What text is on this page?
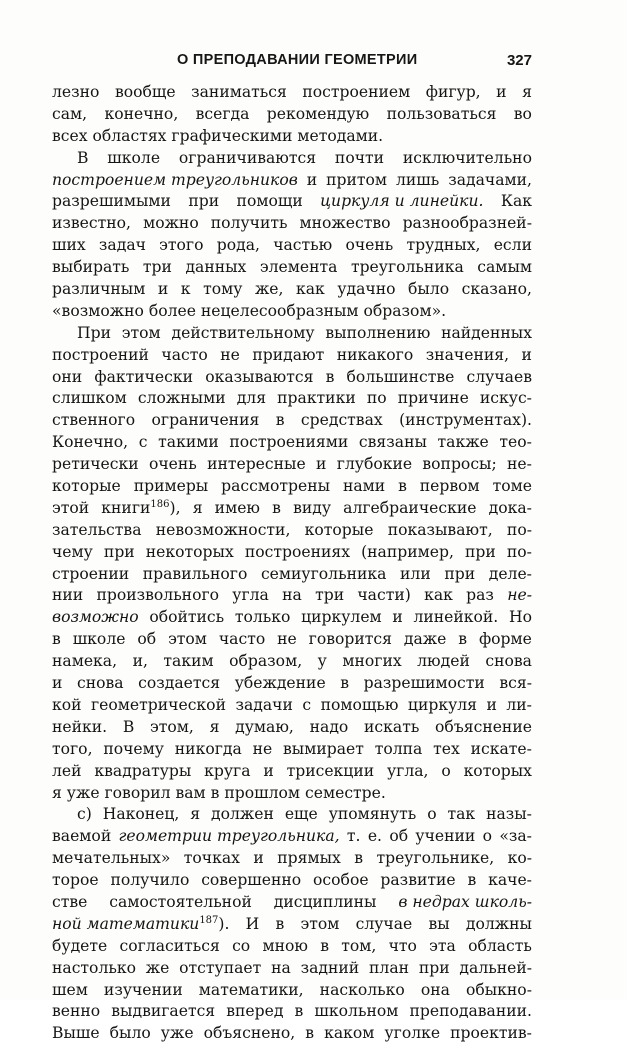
О ПРЕПОДАВАНИИ ГЕОМЕТРИИ	327
лезно вообще заниматься построением фигур, и я
сам, конечно, всегда рекомендую пользоваться во
всех областях графическими методами.
В школе ограничиваются почти исключительно
построением треугольников и притом лишь задачами,
разрешимыми при помощи циркуля и линейки. Как
известно, можно получить множество разнообразней-
ших задач этого рода, частью очень трудных, если
выбирать три данных элемента треугольника самым
различным и к тому же, как удачно было сказано,
«возможно более нецелесообразным образом».
При этом действительному выполнению найденных
построений часто не придают никакого значения, и
они фактически оказываются в большинстве случаев
слишком сложными для практики по причине искус-
ственного ограничения в средствах (инструментах).
Конечно, с такими построениями связаны также тео-
ретически очень интересные и глубокие вопросы; не-
которые примеры рассмотрены нами в первом томе
этой книги$^{186}$), я имею в виду алгебраические дока-
зательства невозможности, которые показывают, по-
чему при некоторых построениях (например, при по-
строении правильного семиугольника или при деле-
нии произвольного угла на три части) как раз не-
возможно обойтись только циркулем и линейкой. Но
в школе об этом часто не говорится даже в форме
намека, и, таким образом, у многих людей снова
и снова создается убеждение в разрешимости вся-
кой геометрической задачи с помощью циркуля и ли-
нейки. В этом, я думаю, надо искать объяснение
того, почему никогда не вымирает толпа тех искате-
лей квадратуры круга и трисекции угла, о которых
я уже говорил вам в прошлом семестре.
с) Наконец, я должен еще упомянуть о так назы-
ваемой геометрии треугольника, т. е. об учении о «за-
мечательных» точках и прямых в треугольнике, ко-
торое получило совершенно особое развитие в каче-
стве самостоятельной дисциплины в недрах школь-
ной математики$^{187}$). И в этом случае вы должны
будете согласиться со мною в том, что эта область
настолько же отступает на задний план при дальней-
шем изучении математики, насколько она обыкно-
венно выдвигается вперед в школьном преподавании.
Выше было уже объяснено, в каком уголке проектив-
